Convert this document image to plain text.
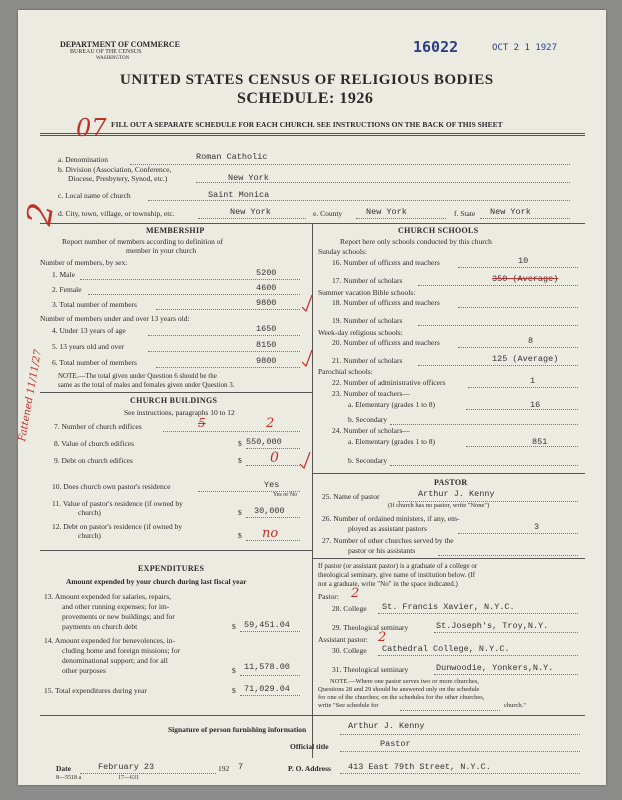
DEPARTMENT OF COMMERCE
BUREAU OF THE CENSUS
WASHINGTON
16022	OCT 2 1 1927
UNITED STATES CENSUS OF RELIGIOUS BODIES
SCHEDULE: 1926
07 FILL OUT A SEPARATE SCHEDULE FOR EACH CHURCH. SEE INSTRUCTIONS ON THE BACK OF THIS SHEET
a. Denomination	Roman Catholic
b. Division (Association, Conference,
Diocese, Presbytery, Synod, etc.)	New York
c. Local name of church	Saint Monica
d. City, town, village, or township, etc.	New York	e. County	New York	f. State New York
MEMBERSHIP
Report number of members according to definition of
member in your church
Number of members, by sex:
1. Male	5200
2. Female	4600
3. Total number of members	9800
Number of members under and over 13 years old:
4. Under 13 years of age	1650
5. 13 years old and over	8150
6. Total number of members	9800
NOTE.—The total given under Question 6 should be the
same as the total of males and females given under Question 3.
CHURCH BUILDINGS
See instructions, paragraphs 10 to 12
7. Number of church edifices	5	2
8. Value of church edifices	$ 550,000
9. Debt on church edifices	$ 0
10. Does church own pastor's residence	Yes
Yes or No
11. Value of pastor's residence (if owned by
church)	$ 30,000
12. Debt on pastor's residence (if owned by
church)	$ no
EXPENDITURES
Amount expended by your church during last fiscal year
13. Amount expended for salaries, repairs,
and other running expenses; for im-
provements or new buildings; and for
payments on church debt	$ 59,451.04
14. Amount expended for benevolences, in-
cluding home and foreign missions; for
denominational support; and for all
other purposes	$ 11,578.00
15. Total expenditures during year	$ 71,029.04
CHURCH SCHOOLS
Report here only schools conducted by this church
Sunday schools:
16. Number of officers and teachers	10
17. Number of scholars	350 (Average)
Summer vacation Bible schools:
18. Number of officers and teachers
19. Number of scholars
Week-day religious schools:
20. Number of officers and teachers	8
21. Number of scholars	125 (Average)
Parochial schools:
22. Number of administrative officers	1
23. Number of teachers—
a. Elementary (grades 1 to 8)	16
b. Secondary
24. Number of scholars—
a. Elementary (grades 1 to 8)	851
b. Secondary
PASTOR
25. Name of pastor	Arthur J. Kenny
(If church has no pastor, write "None")
26. Number of ordained ministers, if any, em-
ployed as assistant pastors	3
27. Number of other churches served by the
pastor or his assistants
If pastor (or assistant pastor) is a graduate of a college or
theological seminary, give name of institution below. (If
not a graduate, write "No" in the space indicated.)
Pastor: 2
28. College St. Francis Xavier, N.Y.C.
29. Theological seminary	St.Joseph's, Troy,N.Y.
Assistant pastor: 2
30. College Cathedral College, N.Y.C.
31. Theological seminary	Dunwoodie, Yonkers,N.Y.
NOTE.—Where one pastor serves two or more churches,
Questions 28 and 29 should be answered only on the schedule
for one of the churches; on the schedules for the other churches,
write "See schedule for	church."
Signature of person furnishing information	Arthur J. Kenny
Official title	Pastor
Date	February 23	192 7	P. O. Address 413 East 79th Street, N.Y.C.
8—5518 a	17—631
2
Fattened 11/11/27
